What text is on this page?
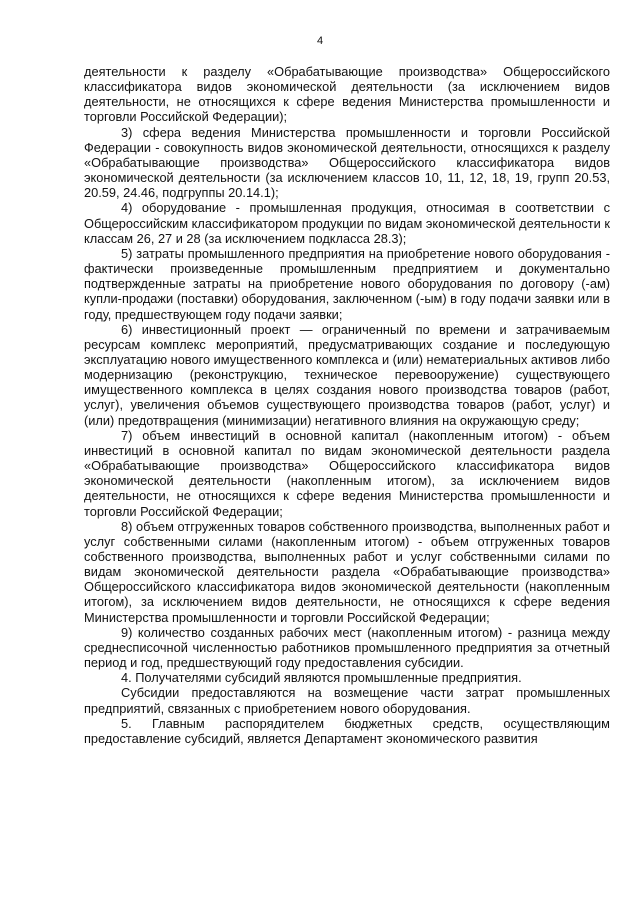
4

деятельности к разделу «Обрабатывающие производства» Общероссийского классификатора видов экономической деятельности (за исключением видов деятельности, не относящихся к сфере ведения Министерства промышленности и торговли Российской Федерации);

3) сфера ведения Министерства промышленности и торговли Российской Федерации - совокупность видов экономической деятельности, относящихся к разделу «Обрабатывающие производства» Общероссийского классификатора видов экономической деятельности (за исключением классов 10, 11, 12, 18, 19, групп 20.53, 20.59, 24.46, подгруппы 20.14.1);

4) оборудование - промышленная продукция, относимая в соответствии с Общероссийским классификатором продукции по видам экономической деятельности к классам 26, 27 и 28 (за исключением подкласса 28.3);

5) затраты промышленного предприятия на приобретение нового оборудования - фактически произведенные промышленным предприятием и документально подтвержденные затраты на приобретение нового оборудования по договору (-ам) купли-продажи (поставки) оборудования, заключенном (-ым) в году подачи заявки или в году, предшествующем году подачи заявки;

6) инвестиционный проект — ограниченный по времени и затрачиваемым ресурсам комплекс мероприятий, предусматривающих создание и последующую эксплуатацию нового имущественного комплекса и (или) нематериальных активов либо модернизацию (реконструкцию, техническое перевооружение) существующего имущественного комплекса в целях создания нового производства товаров (работ, услуг), увеличения объемов существующего производства товаров (работ, услуг) и (или) предотвращения (минимизации) негативного влияния на окружающую среду;

7) объем инвестиций в основной капитал (накопленным итогом) - объем инвестиций в основной капитал по видам экономической деятельности раздела «Обрабатывающие производства» Общероссийского классификатора видов экономической деятельности (накопленным итогом), за исключением видов деятельности, не относящихся к сфере ведения Министерства промышленности и торговли Российской Федерации;

8) объем отгруженных товаров собственного производства, выполненных работ и услуг собственными силами (накопленным итогом) - объем отгруженных товаров собственного производства, выполненных работ и услуг собственными силами по видам экономической деятельности раздела «Обрабатывающие производства» Общероссийского классификатора видов экономической деятельности (накопленным итогом), за исключением видов деятельности, не относящихся к сфере ведения Министерства промышленности и торговли Российской Федерации;

9) количество созданных рабочих мест (накопленным итогом) - разница между среднесписочной численностью работников промышленного предприятия за отчетный период и год, предшествующий году предоставления субсидии.

4. Получателями субсидий являются промышленные предприятия.

Субсидии предоставляются на возмещение части затрат промышленных предприятий, связанных с приобретением нового оборудования.

5. Главным распорядителем бюджетных средств, осуществляющим предоставление субсидий, является Департамент экономического развития
